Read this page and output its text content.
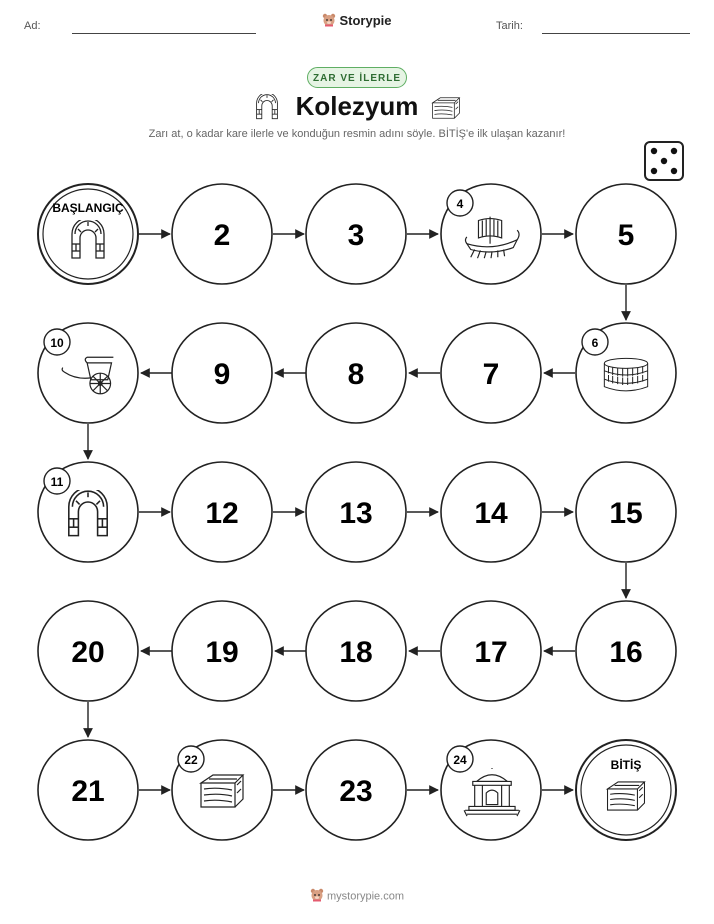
Ad:	Storypie	Tarih:
ZAR VE İLERLE
Kolezyum
Zarı at, o kadar kare ilerle ve konduğun resmin adını söyle. BİTİŞ'e ilk ulaşan kazanır!
BAŞLANGIÇ
2	3
4
5
10
9	8	7
6
11
12	13	14	15
20	19	18	17	16
21
22
23
24	BİTİŞ
mystorypie.com
